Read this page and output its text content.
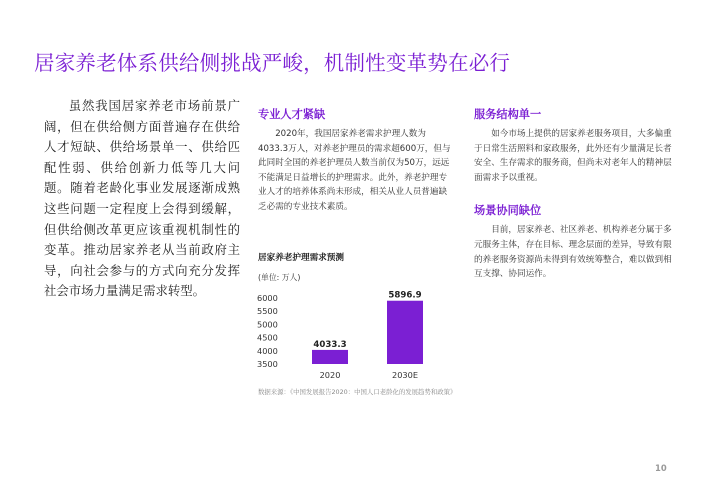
居家养老体系供给侧挑战严峻，机制性变革势在必行

虽然我国居家养老市场前景广阔，但在供给侧方面普遍存在供给人才短缺、供给场景单一、供给匹配性弱、供给创新力低等几大问题。随着老龄化事业发展逐渐成熟这些问题一定程度上会得到缓解，但供给侧改革更应该重视机制性的变革。推动居家养老从当前政府主导，向社会参与的方式向充分发挥社会市场力量满足需求转型。

专业人才紧缺

2020年，我国居家养老需求护理人数为4033.3万人，对养老护理员的需求超600万，但与此同时全国的养老护理员人数当前仅为50万，远远不能满足日益增长的护理需求。此外，养老护理专业人才的培养体系尚未形成，相关从业人员普遍缺乏必需的专业技术素质。

服务结构单一

如今市场上提供的居家养老服务项目，大多偏重于日常生活照料和家政服务，此外还有少量满足长者安全、生存需求的服务商，但尚未对老年人的精神层面需求予以重视。

场景协同缺位

目前，居家养老、社区养老、机构养老分属于多元服务主体，存在目标、理念层面的差异，导致有限的养老服务资源尚未得到有效统筹整合，难以做到相互支撑、协同运作。

居家养老护理需求预测
(单位: 万人)
3500
4000
4500
5000
5500
6000
4033.3
2020
5896.9
2030E
数据来源：《中国发展报告2020：中国人口老龄化的发展趋势和政策》
10
